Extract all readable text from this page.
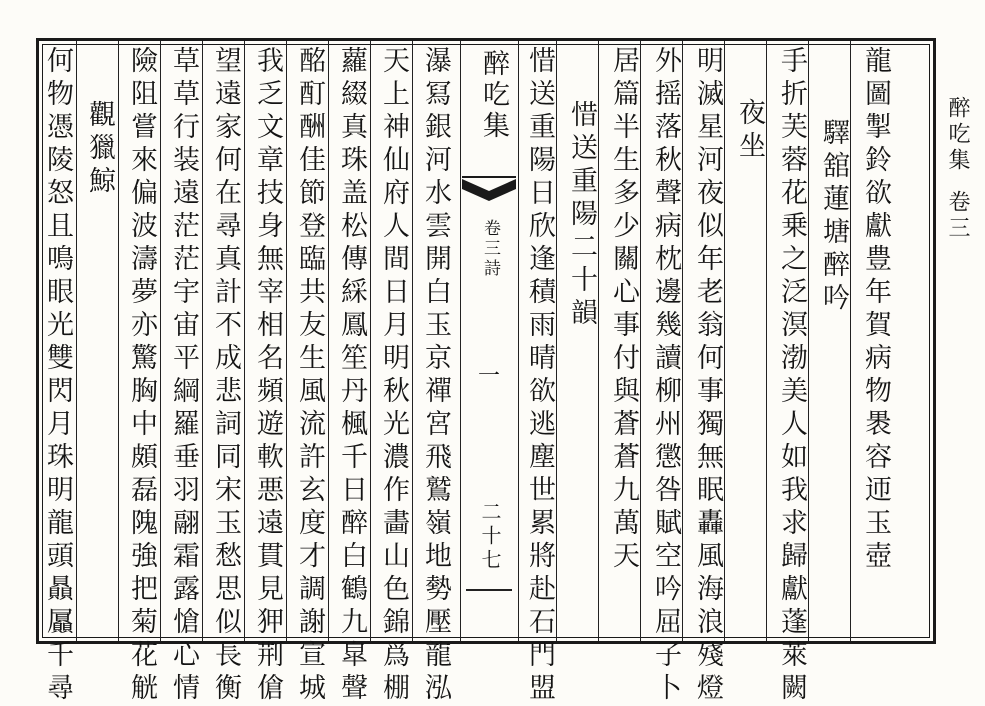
醉吃集卷三
龍圖掣鈴欲獻豊年賀病物褁容迊玉壺
驛舘蓮塘醉吟
手折芙蓉花乗之泛溟渤美人如我求歸獻蓬萊闕
夜坐
明滅星河夜似年老翁何事獨無眠轟風海浪殘燈
外摇落秋聲病枕邊幾讀柳州懲咎賦空吟屈子卜
居篇半生多少關心事付與蒼蒼九萬天
惜送重陽二十韻
惜送重陽日欣逢積雨晴欲逃塵世累將赴石門盟
醉吃集
卷三詩
一
二十七
瀑冩銀河水雲開白玉京禪宮飛鷲嶺地勢壓龍泓
天上神仙府人間日月明秋光濃作畵山色錦爲棚
蘿綴真珠盖松傳綵鳳笙丹楓千日醉白鶴九皐聲
酩酊酬佳節登臨共友生風流許玄度才調謝宣城
我乏文章技身無宰相名頻遊軟悪遠貫見狎荆傖
望遠家何在尋真計不成悲詞同宋玉愁思似長衡
草草行装遠茫茫宇宙平綱羅垂羽翮霜露愴心情
險阻嘗來偏波濤夢亦驚胸中頗磊隗強把菊花觥
觀獵鯨
何物憑陵怒且鳴眼光雙閃月珠明龍頭贔屭千尋
